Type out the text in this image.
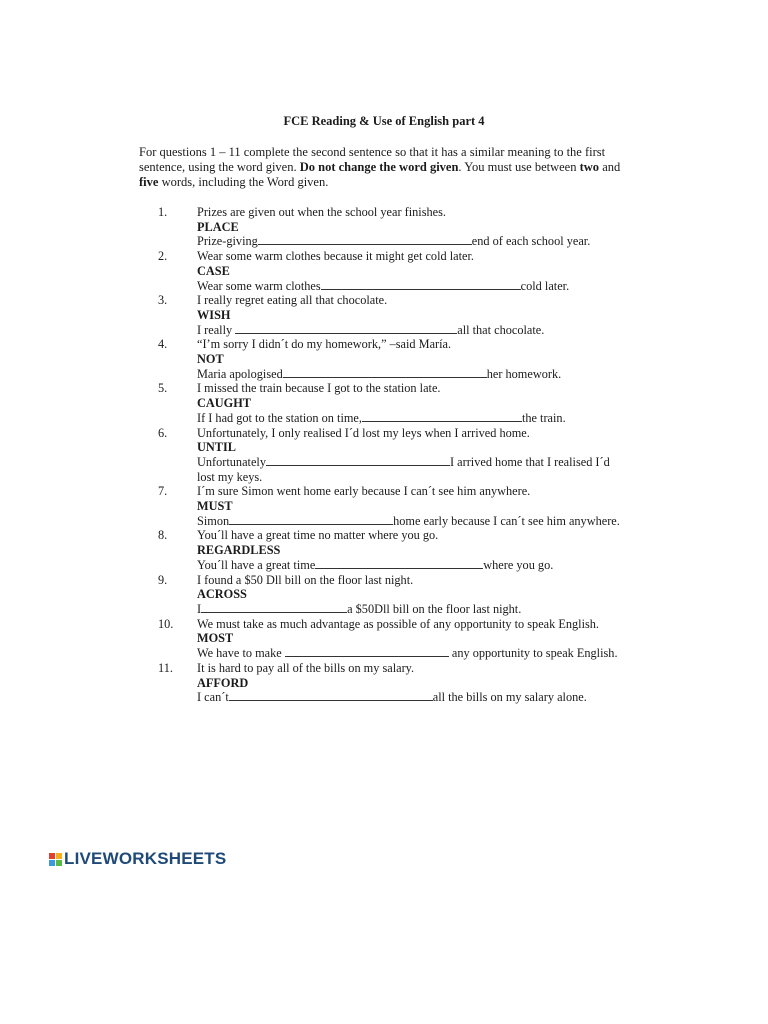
FCE Reading & Use of English part 4
For questions 1 – 11 complete the second sentence so that it has a similar meaning to the first sentence, using the word given. Do not change the word given. You must use between two and five words, including the Word given.
1. Prizes are given out when the school year finishes.
PLACE
Prize-giving	end of each school year.
2. Wear some warm clothes because it might get cold later.
CASE
Wear some warm clothes	cold later.
3. I really regret eating all that chocolate.
WISH
I really	all that chocolate.
4. “I’m sorry I didn´t do my homework,” –said María.
NOT
Maria apologised	her homework.
5. I missed the train because I got to the station late.
CAUGHT
If I had got to the station on time,	the train.
6. Unfortunately, I only realised I´d lost my leys when I arrived home.
UNTIL
Unfortunately	I arrived home that I realised I´d lost my keys.
7. I´m sure Simon went home early because I can´t see him anywhere.
MUST
Simon	home early because I can´t see him anywhere.
8. You´ll have a great time no matter where you go.
REGARDLESS
You´ll have a great time	where you go.
9. I found a $50 Dll bill on the floor last night.
ACROSS
I	a $50Dll bill on the floor last night.
10. We must take as much advantage as possible of any opportunity to speak English.
MOST
We have to make	any opportunity to speak English.
11. It is hard to pay all of the bills on my salary.
AFFORD
I can´t	all the bills on my salary alone.
LIVEWORKSHEETS
